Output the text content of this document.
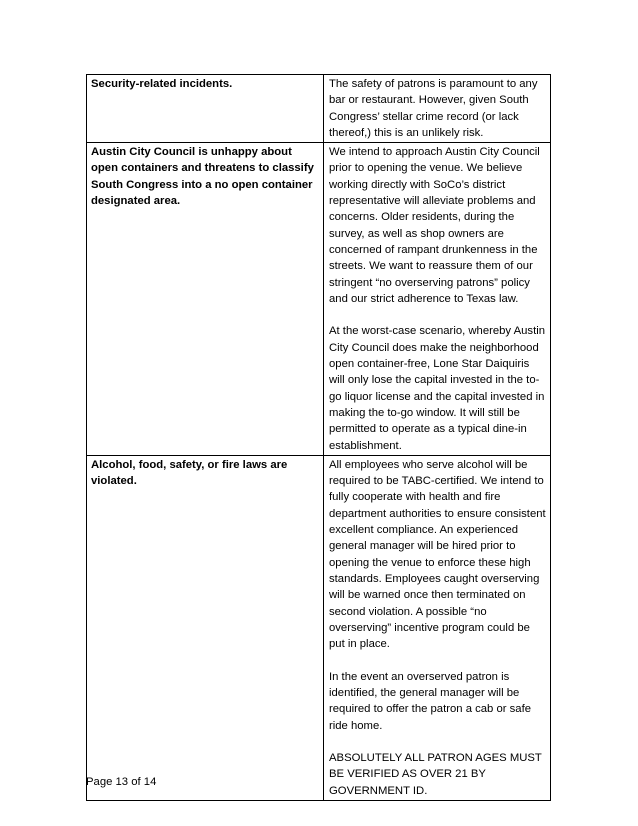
Security-related incidents.	The safety of patrons is paramount to any bar or restaurant. However, given South Congress’ stellar crime record (or lack thereof,) this is an unlikely risk.

Austin City Council is unhappy about open containers and threatens to classify South Congress into a no open container designated area.	We intend to approach Austin City Council prior to opening the venue. We believe working directly with SoCo’s district representative will alleviate problems and concerns. Older residents, during the survey, as well as shop owners are concerned of rampant drunkenness in the streets. We want to reassure them of our stringent “no overserving patrons” policy and our strict adherence to Texas law.

At the worst-case scenario, whereby Austin City Council does make the neighborhood open container-free, Lone Star Daiquiris will only lose the capital invested in the to-go liquor license and the capital invested in making the to-go window. It will still be permitted to operate as a typical dine-in establishment.

Alcohol, food, safety, or fire laws are violated.	All employees who serve alcohol will be required to be TABC-certified. We intend to fully cooperate with health and fire department authorities to ensure consistent excellent compliance. An experienced general manager will be hired prior to opening the venue to enforce these high standards. Employees caught overserving will be warned once then terminated on second violation. A possible “no overserving” incentive program could be put in place.

In the event an overserved patron is identified, the general manager will be required to offer the patron a cab or safe ride home.

ABSOLUTELY ALL PATRON AGES MUST BE VERIFIED AS OVER 21 BY GOVERNMENT ID.

Page 13 of 14
